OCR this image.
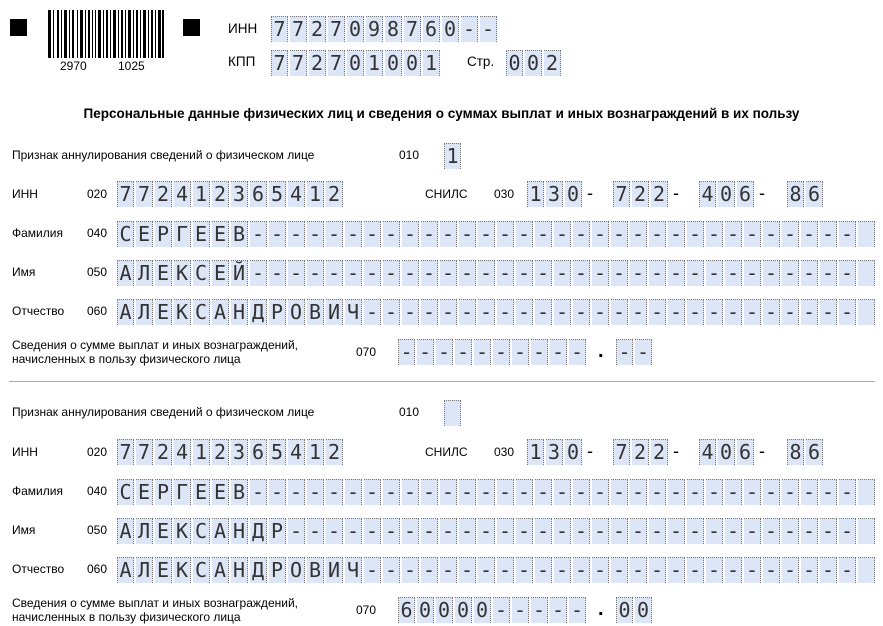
2970	1025
ИНН 7 7 2 7 0 9 8 7 6 0 - -
КПП 7 7 2 7 0 1 0 0 1 Стр. 0 0 2
Персональные данные физических лиц и сведения о суммах выплат и иных вознаграждений в их пользу
Признак аннулирования сведений о физическом лице	010 1
ИНН	020 7 7 2 4 1 2 3 6 5 4 1 2	СНИЛС 030 1 3 0 - 7 2 2 - 4 0 6 - 8 6
Фамилия 040 С Е Р Г Е Е В - - - - - - - - - - - - - - - - - - - - - - - - - - - - - - - -
Имя	050 А Л Е К С Е Й - - - - - - - - - - - - - - - - - - - - - - - - - - - - - - - -
Отчество 060 А Л Е К С А Н Д Р О В И Ч - - - - - - - - - - - - - - - - - - - - - - - - - -
Сведения о сумме выплат и иных вознаграждений,
начисленных в пользу физического лица	070 - - - - - - - - - - . - -
Признак аннулирования сведений о физическом лице	010
ИНН	020 7 7 2 4 1 2 3 6 5 4 1 2	СНИЛС 030 1 3 0 - 7 2 2 - 4 0 6 - 8 6
Фамилия 040 С Е Р Г Е Е В - - - - - - - - - - - - - - - - - - - - - - - - - - - - - - - -
Имя	050 А Л Е К С А Н Д Р - - - - - - - - - - - - - - - - - - - - - - - - - - - - - -
Отчество 060 А Л Е К С А Н Д Р О В И Ч - - - - - - - - - - - - - - - - - - - - - - - - - -
Сведения о сумме выплат и иных вознаграждений,
начисленных в пользу физического лица	070 6 0 0 0 0 - - - - - . 0 0
